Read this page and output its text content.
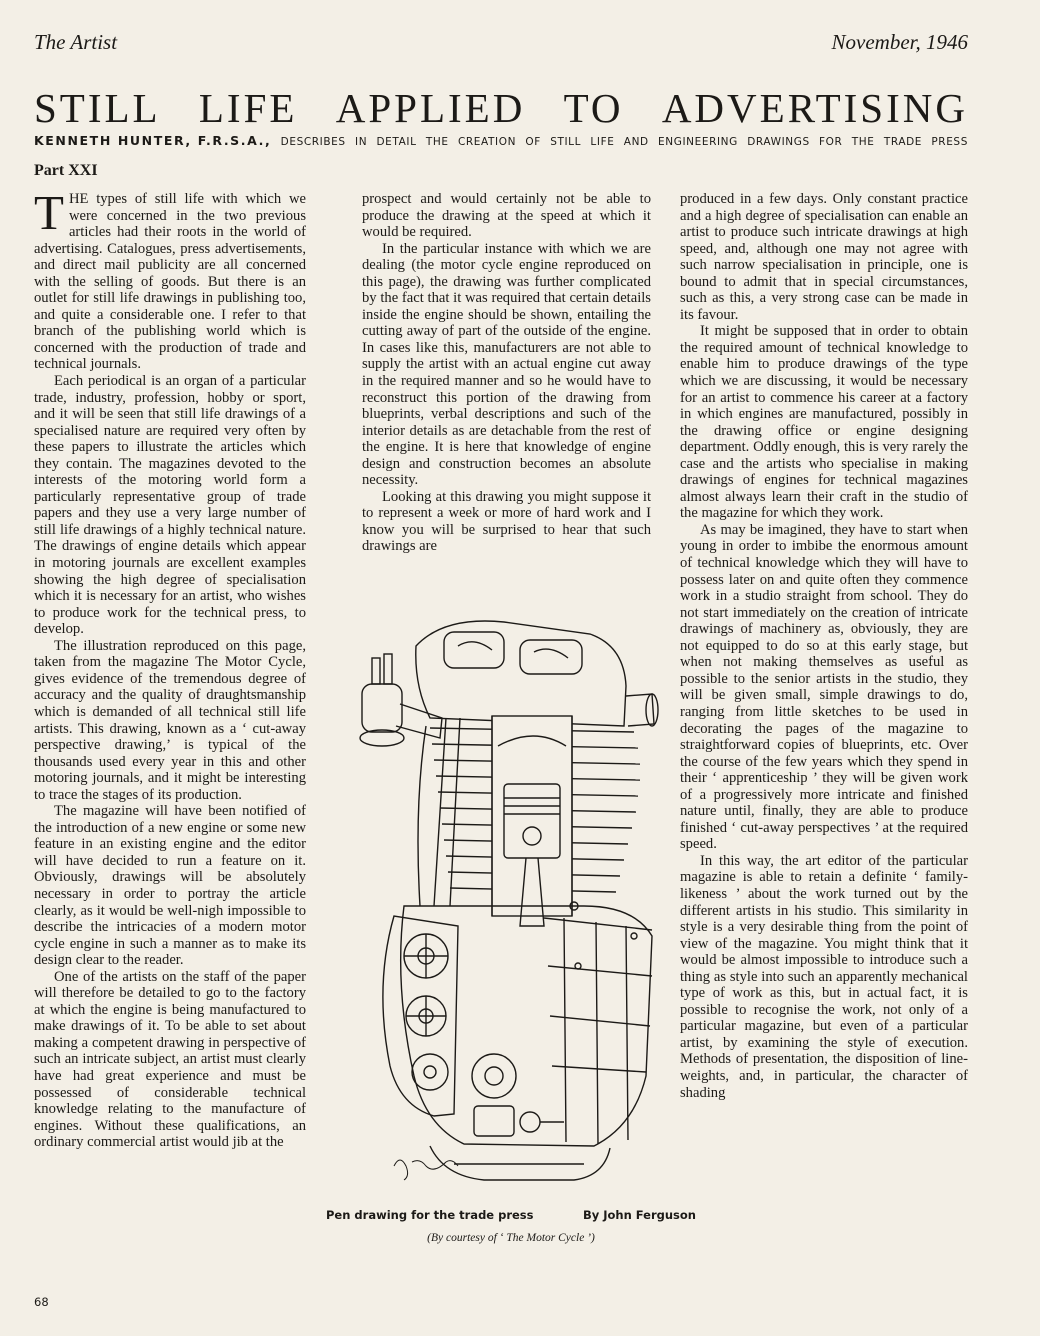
The Artist	November, 1946
STILL LIFE APPLIED TO ADVERTISING
KENNETH HUNTER, F.R.S.A., DESCRIBES IN DETAIL THE CREATION OF STILL LIFE AND ENGINEERING DRAWINGS FOR THE TRADE PRESS
Part XXI

THE types of still life with which we were concerned in the two previous articles had their roots in the world of advertising. Catalogues, press advertisements, and direct mail publicity are all concerned with the selling of goods. But there is an outlet for still life drawings in publishing too, and quite a considerable one. I refer to that branch of the publishing world which is concerned with the production of trade and technical journals.

Each periodical is an organ of a particular trade, industry, profession, hobby or sport, and it will be seen that still life drawings of a specialised nature are required very often by these papers to illustrate the articles which they contain. The magazines devoted to the interests of the motoring world form a particularly representative group of trade papers and they use a very large number of still life drawings of a highly technical nature. The drawings of engine details which appear in motoring journals are excellent examples showing the high degree of specialisation which it is necessary for an artist, who wishes to produce work for the technical press, to develop.

The illustration reproduced on this page, taken from the magazine The Motor Cycle, gives evidence of the tremendous degree of accuracy and the quality of draughtsmanship which is demanded of all technical still life artists. This drawing, known as a ‘ cut-away perspective drawing,’ is typical of the thousands used every year in this and other motoring journals, and it might be interesting to trace the stages of its production.

The magazine will have been notified of the introduction of a new engine or some new feature in an existing engine and the editor will have decided to run a feature on it. Obviously, drawings will be absolutely necessary in order to portray the article clearly, as it would be well-nigh impossible to describe the intricacies of a modern motor cycle engine in such a manner as to make its design clear to the reader.

One of the artists on the staff of the paper will therefore be detailed to go to the factory at which the engine is being manufactured to make drawings of it. To be able to set about making a competent drawing in perspective of such an intricate subject, an artist must clearly have had great experience and must be possessed of considerable technical knowledge relating to the manufacture of engines. Without these qualifications, an ordinary commercial artist would jib at the

prospect and would certainly not be able to produce the drawing at the speed at which it would be required.

In the particular instance with which we are dealing (the motor cycle engine reproduced on this page), the drawing was further complicated by the fact that it was required that certain details inside the engine should be shown, entailing the cutting away of part of the outside of the engine. In cases like this, manufacturers are not able to supply the artist with an actual engine cut away in the required manner and so he would have to reconstruct this portion of the drawing from blueprints, verbal descriptions and such of the interior details as are detachable from the rest of the engine. It is here that knowledge of engine design and construction becomes an absolute necessity.

Looking at this drawing you might suppose it to represent a week or more of hard work and I know you will be surprised to hear that such drawings are

produced in a few days. Only constant practice and a high degree of specialisation can enable an artist to produce such intricate drawings at high speed, and, although one may not agree with such narrow specialisation in principle, one is bound to admit that in special circumstances, such as this, a very strong case can be made in its favour.

It might be supposed that in order to obtain the required amount of technical knowledge to enable him to produce drawings of the type which we are discussing, it would be necessary for an artist to commence his career at a factory in which engines are manufactured, possibly in the drawing office or engine designing department. Oddly enough, this is very rarely the case and the artists who specialise in making drawings of engines for technical magazines almost always learn their craft in the studio of the magazine for which they work.

As may be imagined, they have to start when young in order to imbibe the enormous amount of technical knowledge which they will have to possess later on and quite often they commence work in a studio straight from school. They do not start immediately on the creation of intricate drawings of machinery as, obviously, they are not equipped to do so at this early stage, but when not making themselves as useful as possible to the senior artists in the studio, they will be given small, simple drawings to do, ranging from little sketches to be used in decorating the pages of the magazine to straightforward copies of blueprints, etc. Over the course of the few years which they spend in their ‘ apprenticeship ’ they will be given work of a progressively more intricate and finished nature until, finally, they are able to produce finished ‘ cut-away perspectives ’ at the required speed.

In this way, the art editor of the particular magazine is able to retain a definite ‘ family-likeness ’ about the work turned out by the different artists in his studio. This similarity in style is a very desirable thing from the point of view of the magazine. You might think that it would be almost impossible to introduce such a thing as style into such an apparently mechanical type of work as this, but in actual fact, it is possible to recognise the work, not only of a particular magazine, but even of a particular artist, by examining the style of execution. Methods of presentation, the disposition of line-weights, and, in particular, the character of shading

Pen drawing for the trade press	By John Ferguson
(By courtesy of ‘ The Motor Cycle ’)
68
